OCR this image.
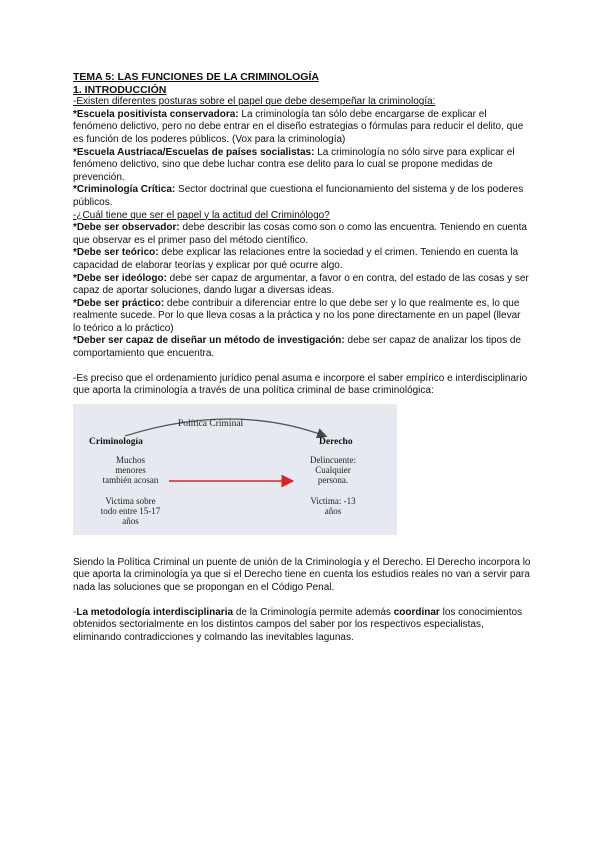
TEMA 5: LAS FUNCIONES DE LA CRIMINOLOGÍA

1. INTRODUCCIÓN

-Existen diferentes posturas sobre el papel que debe desempeñar la criminología:

*Escuela positivista conservadora: La criminología tan sólo debe encargarse de explicar el fenómeno delictivo, pero no debe entrar en el diseño estrategias o fórmulas para reducir el delito, que es función de los poderes públicos. (Vox para la criminología)

*Escuela Austriaca/Escuelas de países socialistas: La criminología no sólo sirve para explicar el fenómeno delictivo, sino que debe luchar contra ese delito para lo cual se propone medidas de prevención.

*Criminología Crítica: Sector doctrinal que cuestiona el funcionamiento del sistema y de los poderes públicos.

-¿Cuál tiene que ser el papel y la actitud del Criminólogo?

*Debe ser observador: debe describir las cosas como son o como las encuentra. Teniendo en cuenta que observar es el primer paso del método científico.

*Debe ser teórico: debe explicar las relaciones entre la sociedad y el crimen. Teniendo en cuenta la capacidad de elaborar teorías y explicar por qué ocurre algo.

*Debe ser ideólogo: debe ser capaz de argumentar, a favor o en contra, del estado de las cosas y ser capaz de aportar soluciones, dando lugar a diversas ideas.

*Debe ser práctico: debe contribuir a diferenciar entre lo que debe ser y lo que realmente es, lo que realmente sucede. Por lo que lleva cosas a la práctica y no los pone directamente en un papel (llevar lo teórico a lo práctico)

*Deber ser capaz de diseñar un método de investigación: debe ser capaz de analizar los tipos de comportamiento que encuentra.

-Es preciso que el ordenamiento jurídico penal asuma e incorpore el saber empírico e interdisciplinario que aporta la criminología a través de una política criminal de base criminológica:

Política Criminal
Criminología	Derecho
Muchos
menores
también acosan
Victima sobre
todo entre 15-17
años
Delincuente:
Cualquier
persona.
Victima: -13
años

Siendo la Política Criminal un puente de unión de la Criminología y el Derecho. El Derecho incorpora lo que aporta la criminología ya que si el Derecho tiene en cuenta los estudios reales no van a servir para nada las soluciones que se propongan en el Código Penal.

-La metodología interdisciplinaria de la Criminología permite además coordinar los conocimientos obtenidos sectorialmente en los distintos campos del saber por los respectivos especialistas, eliminando contradicciones y colmando las inevitables lagunas.
